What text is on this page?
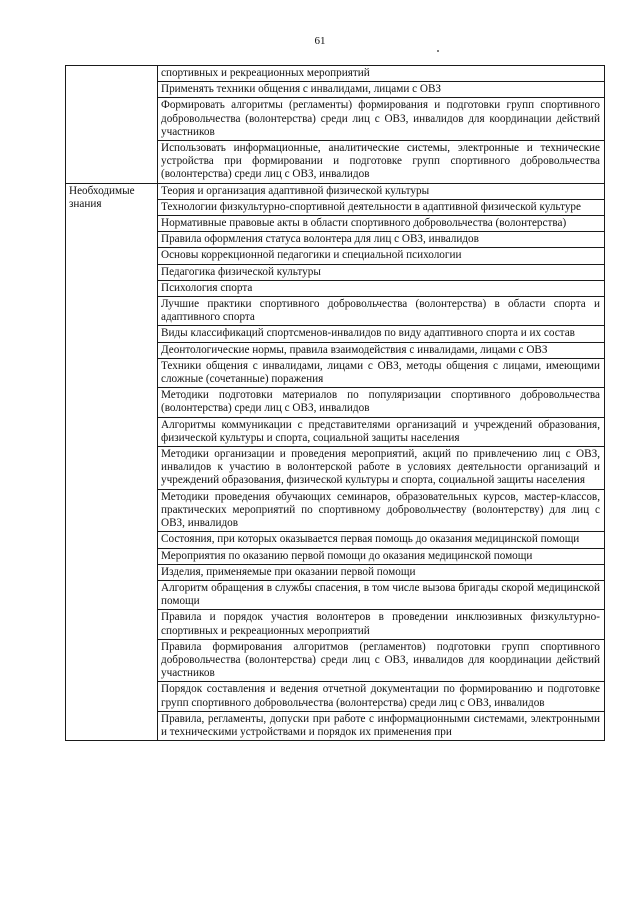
61
	спортивных и рекреационных мероприятий
	Применять техники общения с инвалидами, лицами с ОВЗ
	Формировать алгоритмы (регламенты) формирования и подготовки групп спортивного добровольчества (волонтерства) среди лиц с ОВЗ, инвалидов для координации действий участников
	Использовать информационные, аналитические системы, электронные и технические устройства при формировании и подготовке групп спортивного добровольчества (волонтерства) среди лиц с ОВЗ, инвалидов
Необходимые знания	Теория и организация адаптивной физической культуры
	Технологии физкультурно-спортивной деятельности в адаптивной физической культуре
	Нормативные правовые акты в области спортивного добровольчества (волонтерства)
	Правила оформления статуса волонтера для лиц с ОВЗ, инвалидов
	Основы коррекционной педагогики и специальной психологии
	Педагогика физической культуры
	Психология спорта
	Лучшие практики спортивного добровольчества (волонтерства) в области спорта и адаптивного спорта
	Виды классификаций спортсменов-инвалидов по виду адаптивного спорта и их состав
	Деонтологические нормы, правила взаимодействия с инвалидами, лицами с ОВЗ
	Техники общения с инвалидами, лицами с ОВЗ, методы общения с лицами, имеющими сложные (сочетанные) поражения
	Методики подготовки материалов по популяризации спортивного добровольчества (волонтерства) среди лиц с ОВЗ, инвалидов
	Алгоритмы коммуникации с представителями организаций и учреждений образования, физической культуры и спорта, социальной защиты населения
	Методики организации и проведения мероприятий, акций по привлечению лиц с ОВЗ, инвалидов к участию в волонтерской работе в условиях деятельности организаций и учреждений образования, физической культуры и спорта, социальной защиты населения
	Методики проведения обучающих семинаров, образовательных курсов, мастер-классов, практических мероприятий по спортивному добровольчеству (волонтерству) для лиц с ОВЗ, инвалидов
	Состояния, при которых оказывается первая помощь до оказания медицинской помощи
	Мероприятия по оказанию первой помощи до оказания медицинской помощи
	Изделия, применяемые при оказании первой помощи
	Алгоритм обращения в службы спасения, в том числе вызова бригады скорой медицинской помощи
	Правила и порядок участия волонтеров в проведении инклюзивных физкультурно-спортивных и рекреационных мероприятий
	Правила формирования алгоритмов (регламентов) подготовки групп спортивного добровольчества (волонтерства) среди лиц с ОВЗ, инвалидов для координации действий участников
	Порядок составления и ведения отчетной документации по формированию и подготовке групп спортивного добровольчества (волонтерства) среди лиц с ОВЗ, инвалидов
	Правила, регламенты, допуски при работе с информационными системами, электронными и техническими устройствами и порядок их применения при
